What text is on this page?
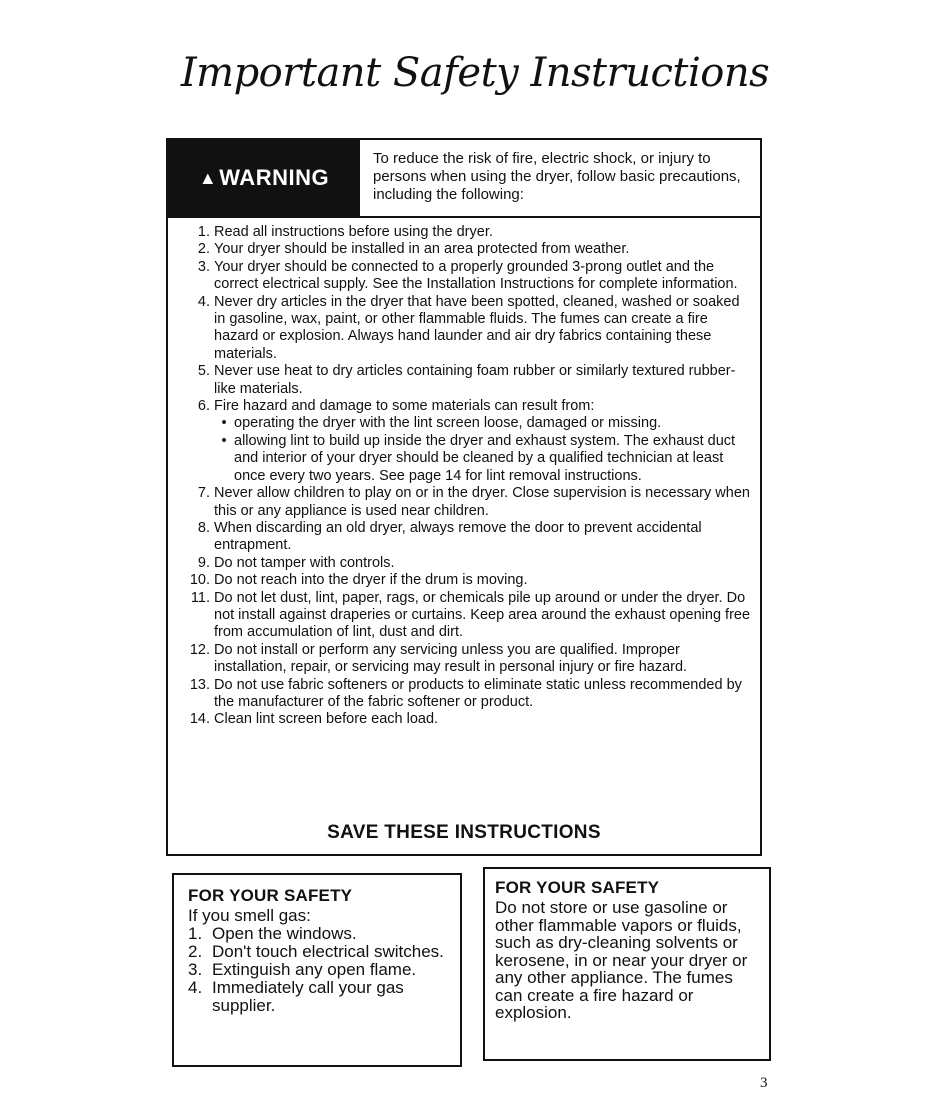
Important Safety Instructions
▲ WARNING
To reduce the risk of fire, electric shock, or injury to persons when using the dryer, follow basic precautions, including the following:
1. Read all instructions before using the dryer.
2. Your dryer should be installed in an area protected from weather.
3. Your dryer should be connected to a properly grounded 3-prong outlet and the correct electrical supply. See the Installation Instructions for complete information.
4. Never dry articles in the dryer that have been spotted, cleaned, washed or soaked in gasoline, wax, paint, or other flammable fluids. The fumes can create a fire hazard or explosion. Always hand launder and air dry fabrics containing these materials.
5. Never use heat to dry articles containing foam rubber or similarly textured rubber-like materials.
6. Fire hazard and damage to some materials can result from:
• operating the dryer with the lint screen loose, damaged or missing.
• allowing lint to build up inside the dryer and exhaust system. The exhaust duct and interior of your dryer should be cleaned by a qualified technician at least once every two years. See page 14 for lint removal instructions.
7. Never allow children to play on or in the dryer. Close supervision is necessary when this or any appliance is used near children.
8. When discarding an old dryer, always remove the door to prevent accidental entrapment.
9. Do not tamper with controls.
10. Do not reach into the dryer if the drum is moving.
11. Do not let dust, lint, paper, rags, or chemicals pile up around or under the dryer. Do not install against draperies or curtains. Keep area around the exhaust opening free from accumulation of lint, dust and dirt.
12. Do not install or perform any servicing unless you are qualified. Improper installation, repair, or servicing may result in personal injury or fire hazard.
13. Do not use fabric softeners or products to eliminate static unless recommended by the manufacturer of the fabric softener or product.
14. Clean lint screen before each load.
SAVE THESE INSTRUCTIONS
FOR YOUR SAFETY
If you smell gas:
1. Open the windows.
2. Don't touch electrical switches.
3. Extinguish any open flame.
4. Immediately call your gas supplier.
FOR YOUR SAFETY
Do not store or use gasoline or other flammable vapors or fluids, such as dry-cleaning solvents or kerosene, in or near your dryer or any other appliance. The fumes can create a fire hazard or explosion.
3
